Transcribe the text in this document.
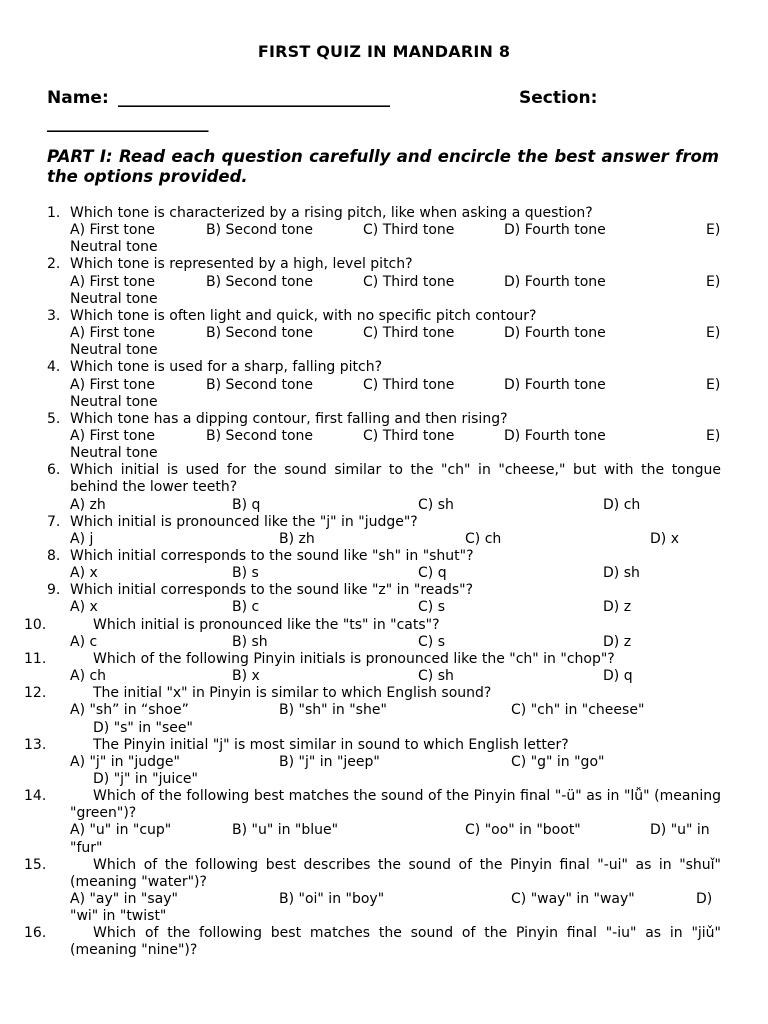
FIRST QUIZ IN MANDARIN 8
Name: ________________________________	Section:
___________________
PART I: Read each question carefully and encircle the best answer from the options provided.
1. Which tone is characterized by a rising pitch, like when asking a question?
A) First tone	B) Second tone	C) Third tone	D) Fourth tone	E)
Neutral tone
2. Which tone is represented by a high, level pitch?
A) First tone	B) Second tone	C) Third tone	D) Fourth tone	E)
Neutral tone
3. Which tone is often light and quick, with no specific pitch contour?
A) First tone	B) Second tone	C) Third tone	D) Fourth tone	E)
Neutral tone
4. Which tone is used for a sharp, falling pitch?
A) First tone	B) Second tone	C) Third tone	D) Fourth tone	E)
Neutral tone
5. Which tone has a dipping contour, first falling and then rising?
A) First tone	B) Second tone	C) Third tone	D) Fourth tone	E)
Neutral tone
6. Which initial is used for the sound similar to the "ch" in "cheese," but with the tongue behind the lower teeth?
A) zh	B) q	C) sh	D) ch
7. Which initial is pronounced like the "j" in "judge"?
A) j	B) zh	C) ch	D) x
8. Which initial corresponds to the sound like "sh" in "shut"?
A) x	B) s	C) q	D) sh
9. Which initial corresponds to the sound like "z" in "reads"?
A) x	B) c	C) s	D) z
10.	Which initial is pronounced like the "ts" in "cats"?
A) c	B) sh	C) s	D) z
11.	Which of the following Pinyin initials is pronounced like the "ch" in "chop"?
A) ch	B) x	C) sh	D) q
12.	The initial "x" in Pinyin is similar to which English sound?
A) "sh” in “shoe”	B) "sh" in "she"	C) "ch" in "cheese"
D) "s" in "see"
13.	The Pinyin initial "j" is most similar in sound to which English letter?
A) "j" in "judge"	B) "j" in "jeep"	C) "g" in "go"
D) "j" in "juice"
14.	Which of the following best matches the sound of the Pinyin final "-ü" as in "lǚ" (meaning "green")?
A) "u" in "cup"	B) "u" in "blue"	C) "oo" in "boot"	D) "u" in
"fur"
15.	Which of the following best describes the sound of the Pinyin final "-ui" as in "shuǐ" (meaning "water")?
A) "ay" in "say"	B) "oi" in "boy"	C) "way" in "way"	D)
"wi" in "twist"
16.	Which of the following best matches the sound of the Pinyin final "-iu" as in "jiǔ" (meaning "nine")?
